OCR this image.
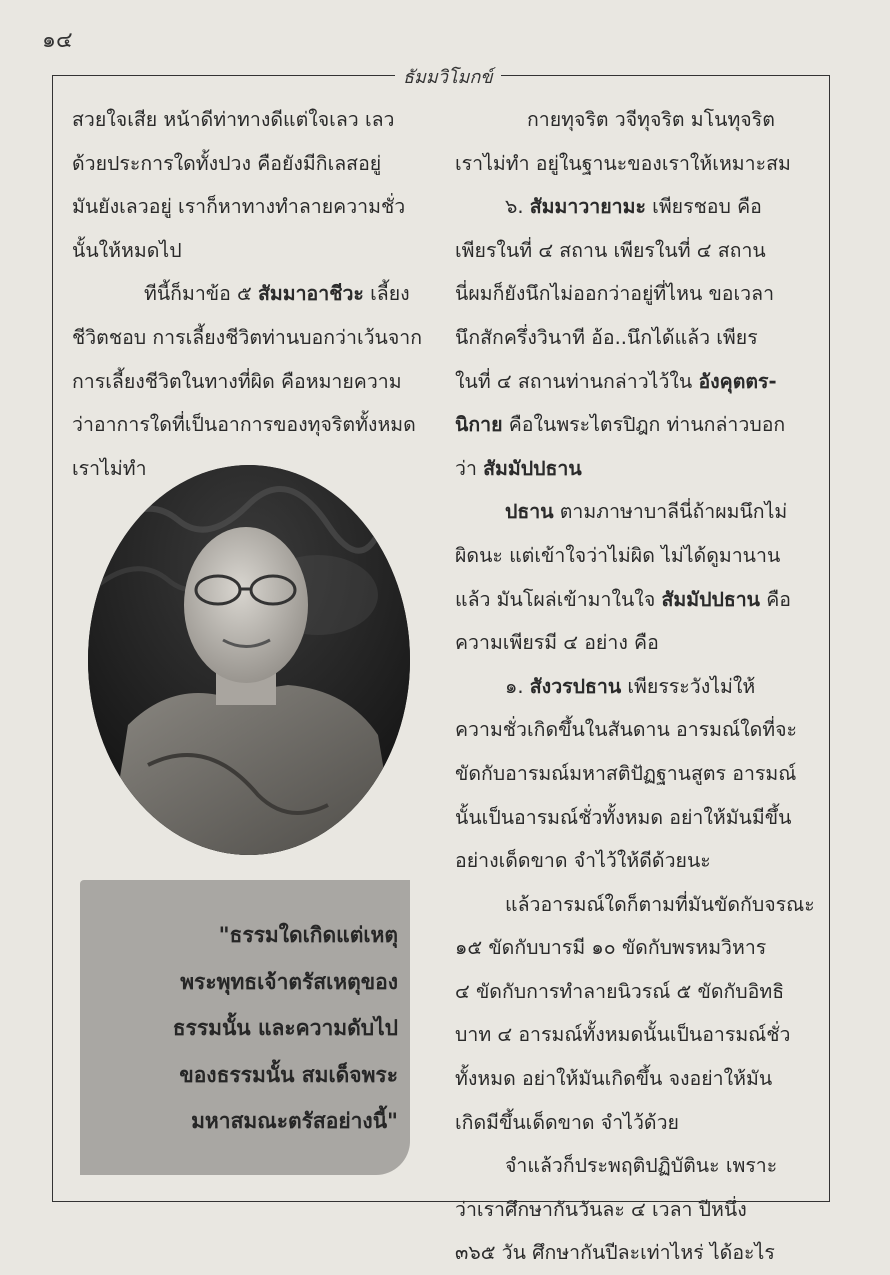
๑๔
ธัมมวิโมกข์
สวยใจเสีย หน้าดีท่าทางดีแต่ใจเลว เลว
ด้วยประการใดทั้งปวง คือยังมีกิเลสอยู่
มันยังเลวอยู่ เราก็หาทางทำลายความชั่ว
นั้นให้หมดไป
ทีนี้ก็มาข้อ ๕ สัมมาอาชีวะ เลี้ยง
ชีวิตชอบ การเลี้ยงชีวิตท่านบอกว่าเว้นจาก
การเลี้ยงชีวิตในทางที่ผิด คือหมายความ
ว่าอาการใดที่เป็นอาการของทุจริตทั้งหมด
เราไม่ทำ
"ธรรมใดเกิดแต่เหตุ
พระพุทธเจ้าตรัสเหตุของ
ธรรมนั้น และความดับไป
ของธรรมนั้น สมเด็จพระ
มหาสมณะตรัสอย่างนี้"
กายทุจริต วจีทุจริต มโนทุจริต
เราไม่ทำ อยู่ในฐานะของเราให้เหมาะสม
๖. สัมมาวายามะ เพียรชอบ คือ
เพียรในที่ ๔ สถาน เพียรในที่ ๔ สถาน
นี่ผมก็ยังนึกไม่ออกว่าอยู่ที่ไหน ขอเวลา
นึกสักครึ่งวินาที อ้อ..นึกได้แล้ว เพียร
ในที่ ๔ สถานท่านกล่าวไว้ใน อังคุตตร-
นิกาย คือในพระไตรปิฎก ท่านกล่าวบอก
ว่า สัมมัปปธาน
ปธาน ตามภาษาบาลีนี่ถ้าผมนึกไม่
ผิดนะ แต่เข้าใจว่าไม่ผิด ไม่ได้ดูมานาน
แล้ว มันโผล่เข้ามาในใจ สัมมัปปธาน คือ
ความเพียรมี ๔ อย่าง คือ
๑. สังวรปธาน เพียรระวังไม่ให้
ความชั่วเกิดขึ้นในสันดาน อารมณ์ใดที่จะ
ขัดกับอารมณ์มหาสติปัฏฐานสูตร อารมณ์
นั้นเป็นอารมณ์ชั่วทั้งหมด อย่าให้มันมีขึ้น
อย่างเด็ดขาด จำไว้ให้ดีด้วยนะ
แล้วอารมณ์ใดก็ตามที่มันขัดกับจรณะ
๑๕ ขัดกับบารมี ๑๐ ขัดกับพรหมวิหาร
๔ ขัดกับการทำลายนิวรณ์ ๕ ขัดกับอิทธิ
บาท ๔ อารมณ์ทั้งหมดนั้นเป็นอารมณ์ชั่ว
ทั้งหมด อย่าให้มันเกิดขึ้น จงอย่าให้มัน
เกิดมีขึ้นเด็ดขาด จำไว้ด้วย
จำแล้วก็ประพฤติปฏิบัตินะ เพราะ
ว่าเราศึกษากันวันละ ๔ เวลา ปีหนึ่ง
๓๖๕ วัน ศึกษากันปีละเท่าไหร่ ได้อะไร
